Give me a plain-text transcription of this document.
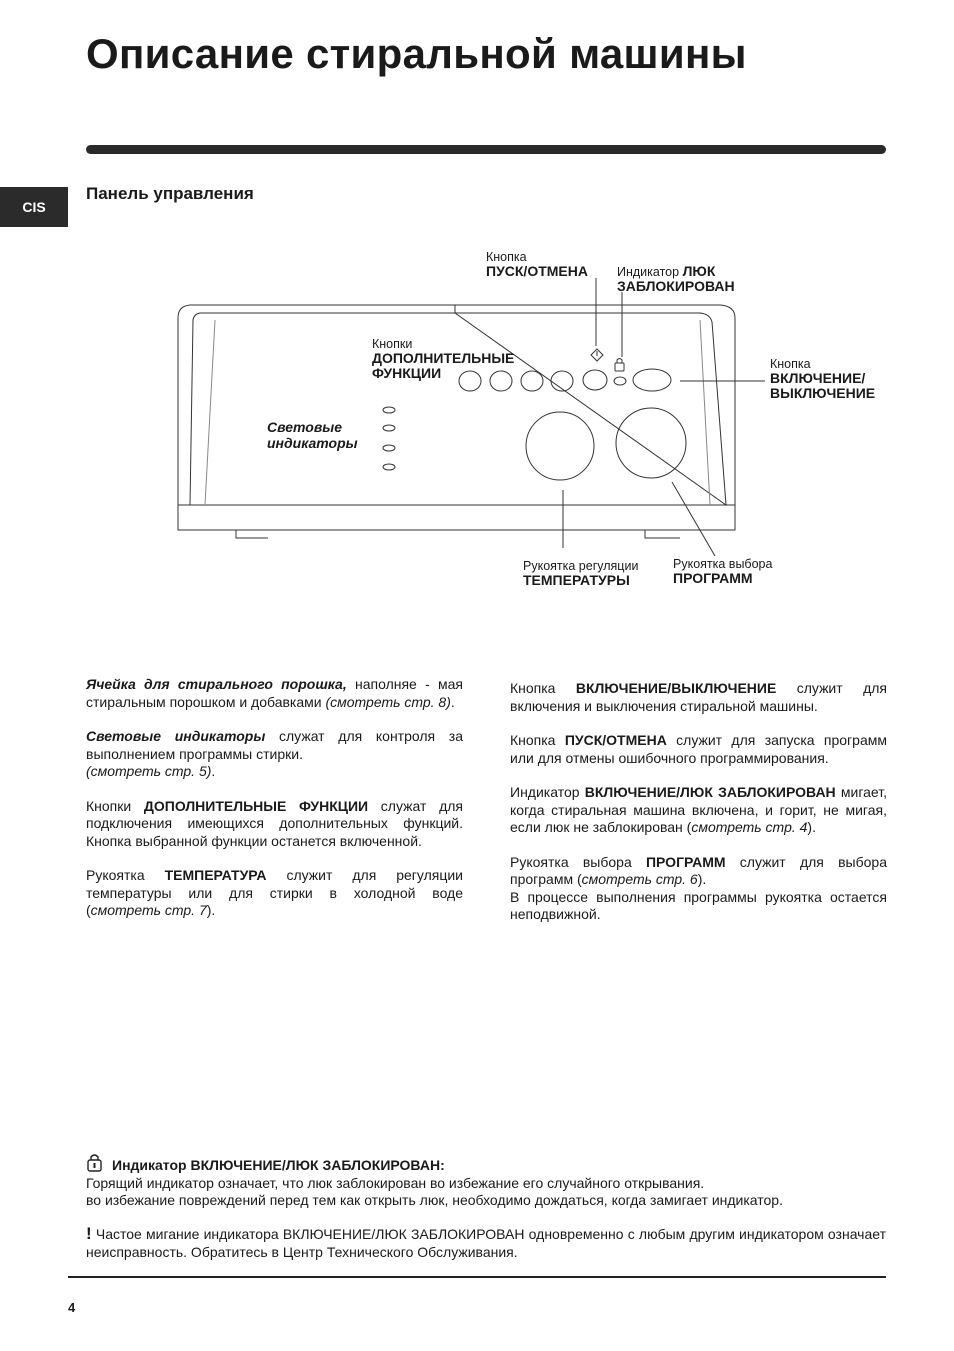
Описание стиральной машины
CIS
Панель управления
Кнопка
ПУСК/ОТМЕНА Индикатор ЛЮК
ЗАБЛОКИРОВАН
Кнопки
ДОПОЛНИТЕЛЬНЫЕ
ФУНКЦИИ
Кнопка
ВКЛЮЧЕНИЕ/
ВЫКЛЮЧЕНИЕ
Световые
индикаторы
Рукоятка регуляции
ТЕМПЕРАТУРЫ
Рукоятка выбора
ПРОГРАММ

Ячейка для стирального порошка, наполняе - мая стиральным порошком и добавками (смотреть стр. 8).

Световые индикаторы служат для контроля за выполнением программы стирки.
(смотреть стр. 5).

Кнопки ДОПОЛНИТЕЛЬНЫЕ ФУНКЦИИ служат для подключения имеющихся дополнительных функций. Кнопка выбранной функции останется включенной.

Рукоятка ТЕМПЕРАТУРА служит для регуляции температуры или для стирки в холодной воде (смотреть стр. 7).

Кнопка ВКЛЮЧЕНИЕ/ВЫКЛЮЧЕНИЕ служит для включения и выключения стиральной машины.

Кнопка ПУСК/ОТМЕНА служит для запуска программ или для отмены ошибочного программирования.

Индикатор ВКЛЮЧЕНИЕ/ЛЮК ЗАБЛОКИРОВАН мигает, когда стиральная машина включена, и горит, не мигая, если люк не заблокирован (смотреть стр. 4).

Рукоятка выбора ПРОГРАММ служит для выбора программ (смотреть стр. 6).
В процессе выполнения программы рукоятка остается неподвижной.

Индикатор ВКЛЮЧЕНИЕ/ЛЮК ЗАБЛОКИРОВАН:
Горящий индикатор означает, что люк заблокирован во избежание его случайного открывания.
во избежание повреждений перед тем как открыть люк, необходимо дождаться, когда замигает индикатор.
! Частое мигание индикатора ВКЛЮЧЕНИЕ/ЛЮК ЗАБЛОКИРОВАН одновременно с любым другим индикатором означает неисправность. Обратитесь в Центр Технического Обслуживания.
4
